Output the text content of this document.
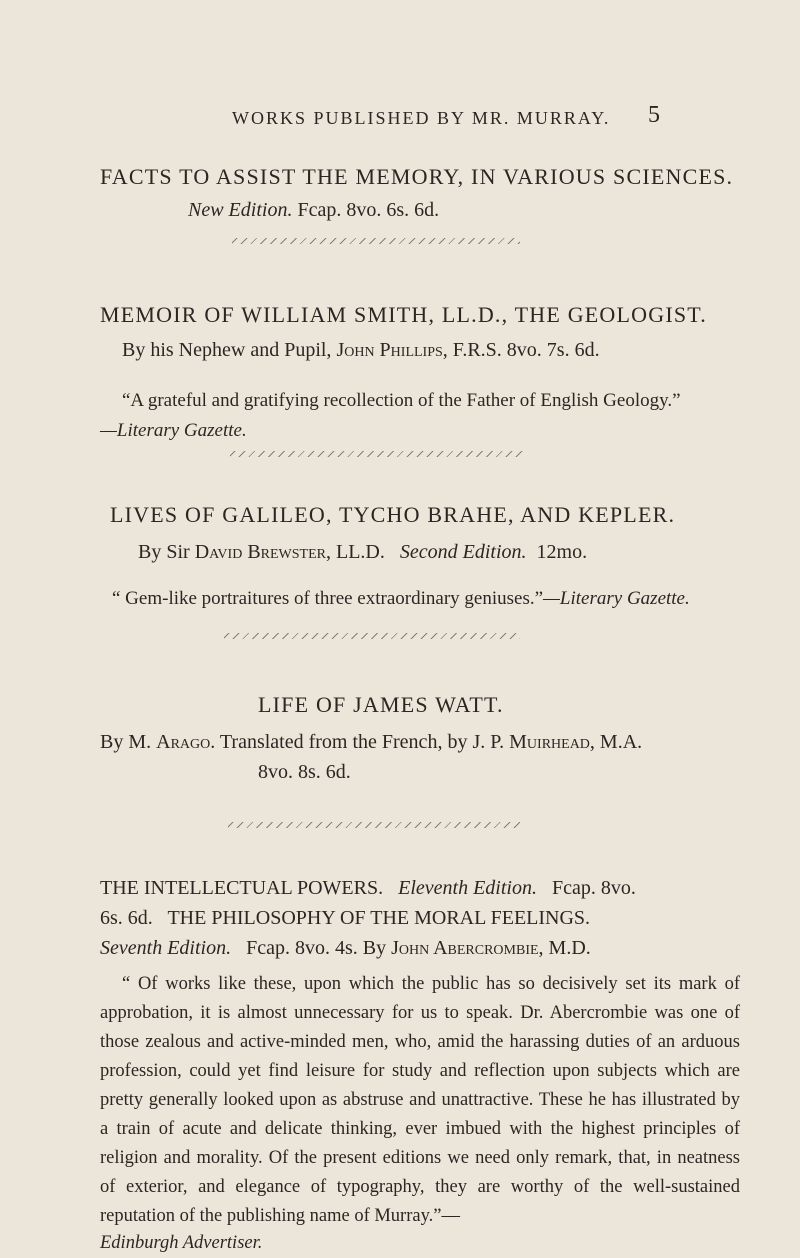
WORKS PUBLISHED BY MR. MURRAY.	5
FACTS TO ASSIST THE MEMORY, IN VARIOUS SCIENCES.
New Edition. Fcap. 8vo. 6s. 6d.
MEMOIR OF WILLIAM SMITH, LL.D., THE GEOLOGIST.
By his Nephew and Pupil, John Phillips, F.R.S. 8vo. 7s. 6d.
“A grateful and gratifying recollection of the Father of English Geology.”
—Literary Gazette.
LIVES OF GALILEO, TYCHO BRAHE, AND KEPLER.
By Sir David Brewster, LL.D. Second Edition. 12mo.
“ Gem-like portraitures of three extraordinary geniuses.”—Literary Gazette.
LIFE OF JAMES WATT.
By M. Arago. Translated from the French, by J. P. Muirhead, M.A.
8vo. 8s. 6d.
THE INTELLECTUAL POWERS. Eleventh Edition. Fcap. 8vo.
6s. 6d. THE PHILOSOPHY OF THE MORAL FEELINGS.
Seventh Edition. Fcap. 8vo. 4s. By John Abercrombie, M.D.
“ Of works like these, upon which the public has so decisively set its mark of approbation, it is almost unnecessary for us to speak. Dr. Abercrombie was one of those zealous and active-minded men, who, amid the harassing duties of an arduous profession, could yet find leisure for study and reflection upon subjects which are pretty generally looked upon as abstruse and unattractive. These he has illustrated by a train of acute and delicate thinking, ever imbued with the highest principles of religion and morality. Of the present editions we need only remark, that, in neatness of exterior, and elegance of typography, they are worthy of the well-sustained reputation of the publishing name of Murray.”—
Edinburgh Advertiser.
